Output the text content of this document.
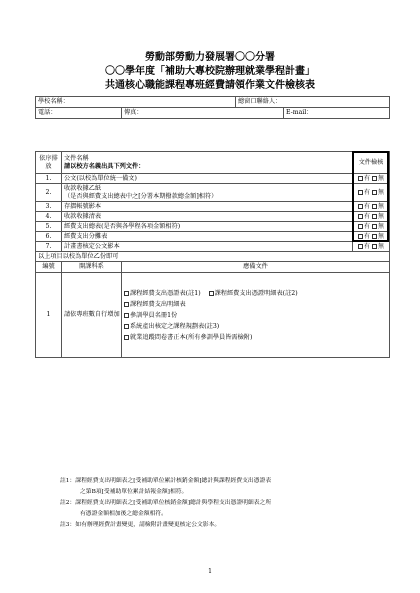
勞動部勞動力發展署〇〇分署
〇〇學年度「補助大專校院辦理就業學程計畫」
共通核心職能課程專班經費請領作業文件檢核表
學校名稱：		總窗口聯絡人：	
電話：	傳真：		E-mail：
依序排放	文件名稱
請以校方名義出具下列文件：		文件檢核
1.	公文(以校為單位統一備文)		有 無
2.	收款收據乙紙
（是否與經費支出總表中之[分署本期撥款總金額]相符）		有 無
3.	存摺帳號影本		有 無
4.	收款收據清表		有 無
5.	經費支出總表(是否與各學程各項金額相符)		有 無
6.	經費支出分攤表		有 無
7.	計畫書核定公文影本		有 無
以上項目以校為單位乙份即可			
編號	開課科系	應備文件	
1	請依專班數自行增加	課程經費支出憑證表(註1) 課程經費支出憑證明細表(註2)
課程經費支出明細表
參訓學員名冊1份
系統產出核定之課程規劃表(註3)
就業追蹤問卷書正本(所有參訓學員皆需檢附)	
註1：課程經費支出明細表之[受補助單位累計核銷金額]總計與課程經費支出憑證表
之第B項[受補助單位累計結報金額]相符。
註2：課程經費支出明細表之[受補助單位核銷金額]總計與學程支出憑證明細表之所
有憑證金額相加後之總金額相符。
註3：如有辦理經費計畫變更，請檢附計畫變更核定公文影本。
1
